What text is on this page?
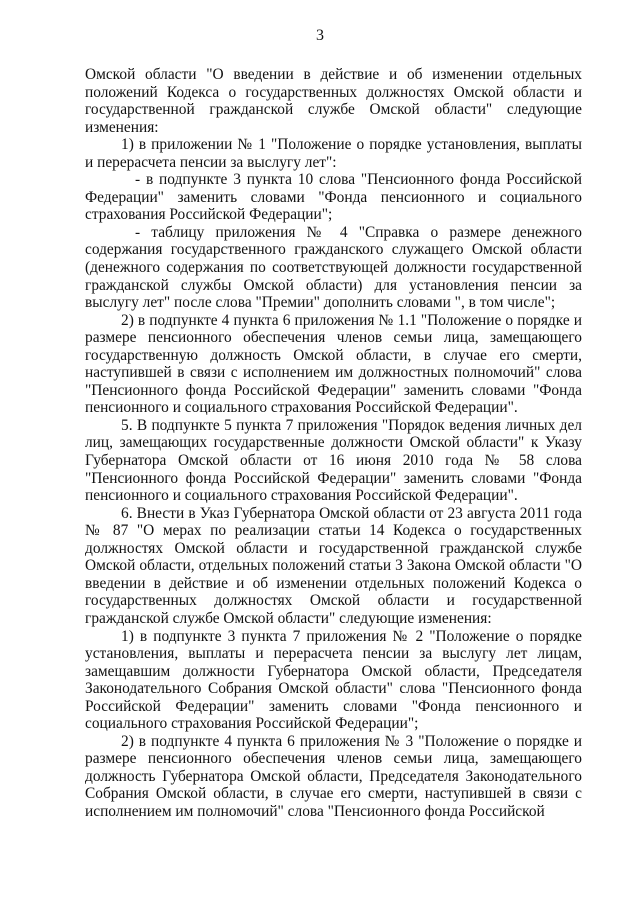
3

Омской области "О введении в действие и об изменении отдельных положений Кодекса о государственных должностях Омской области и государственной гражданской службе Омской области" следующие изменения:

1) в приложении № 1 "Положение о порядке установления, выплаты и перерасчета пенсии за выслугу лет":

- в подпункте 3 пункта 10 слова "Пенсионного фонда Российской Федерации" заменить словами "Фонда пенсионного и социального страхования Российской Федерации";

- таблицу приложения № 4 "Справка о размере денежного содержания государственного гражданского служащего Омской области (денежного содержания по соответствующей должности государственной гражданской службы Омской области) для установления пенсии за выслугу лет" после слова "Премии" дополнить словами ", в том числе";

2) в подпункте 4 пункта 6 приложения № 1.1 "Положение о порядке и размере пенсионного обеспечения членов семьи лица, замещающего государственную должность Омской области, в случае его смерти, наступившей в связи с исполнением им должностных полномочий" слова "Пенсионного фонда Российской Федерации" заменить словами "Фонда пенсионного и социального страхования Российской Федерации".

5. В подпункте 5 пункта 7 приложения "Порядок ведения личных дел лиц, замещающих государственные должности Омской области" к Указу Губернатора Омской области от 16 июня 2010 года № 58 слова "Пенсионного фонда Российской Федерации" заменить словами "Фонда пенсионного и социального страхования Российской Федерации".

6. Внести в Указ Губернатора Омской области от 23 августа 2011 года № 87 "О мерах по реализации статьи 14 Кодекса о государственных должностях Омской области и государственной гражданской службе Омской области, отдельных положений статьи 3 Закона Омской области "О введении в действие и об изменении отдельных положений Кодекса о государственных должностях Омской области и государственной гражданской службе Омской области" следующие изменения:

1) в подпункте 3 пункта 7 приложения № 2 "Положение о порядке установления, выплаты и перерасчета пенсии за выслугу лет лицам, замещавшим должности Губернатора Омской области, Председателя Законодательного Собрания Омской области" слова "Пенсионного фонда Российской Федерации" заменить словами "Фонда пенсионного и социального страхования Российской Федерации";

2) в подпункте 4 пункта 6 приложения № 3 "Положение о порядке и размере пенсионного обеспечения членов семьи лица, замещающего должность Губернатора Омской области, Председателя Законодательного Собрания Омской области, в случае его смерти, наступившей в связи с исполнением им полномочий" слова "Пенсионного фонда Российской
